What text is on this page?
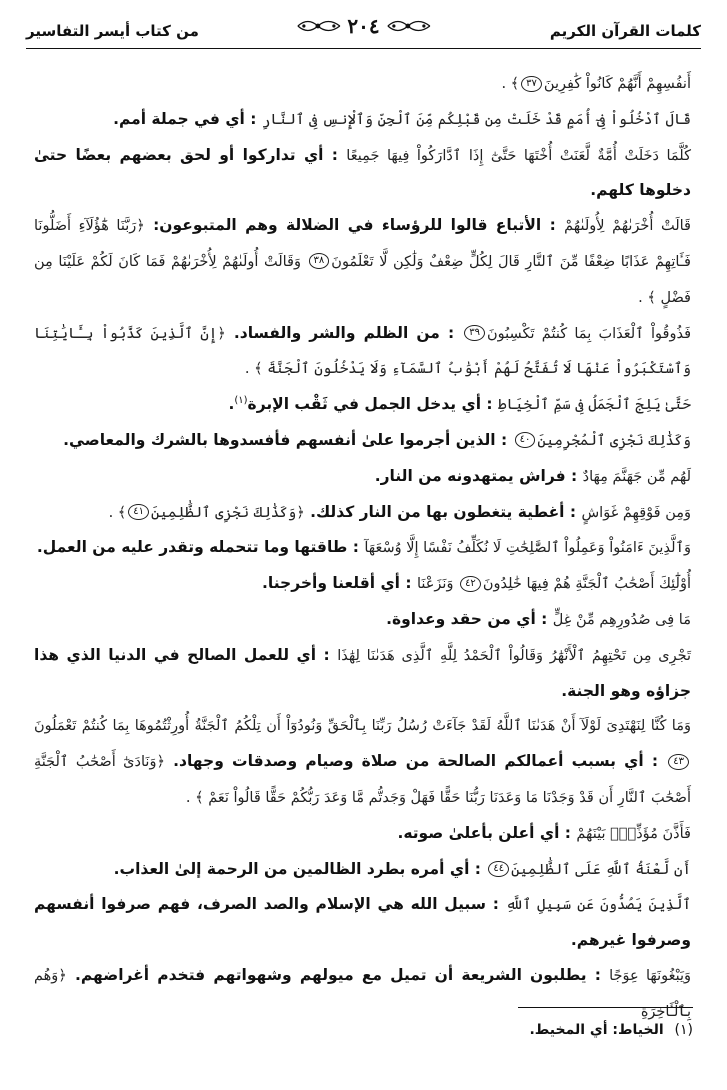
كلمات القرآن الكريم
٢٠٤
من كتاب أيسر التفاسير

أَنفُسِهِمْ أَنَّهُمْ كَانُواْ كَٰفِرِينَ٣٧﴾ .

قَالَ ٱدْخُلُواْ فِىٓ أُمَمٍ قَدْ خَلَتْ مِن قَبْلِكُم مِّنَ ٱلْجِنِّ وَٱلْإِنسِ فِى ٱلنَّارِ : أي في جملة أمم.

كُلَّمَا دَخَلَتْ أُمَّةٌ لَّعَنَتْ أُخْتَهَا حَتَّىٰٓ إِذَا ٱدَّارَكُواْ فِيهَا جَمِيعًا : أي تداركوا أو لحق بعضهم بعضًا حتىٰ دخلوها كلهم.

قَالَتْ أُخْرَىٰهُمْ لِأُولَىٰهُمْ : الأتباع قالوا للرؤساء في الضلالة وهم المتبوعون: ﴿رَبَّنَا هَٰٓؤُلَآءِ أَضَلُّونَا فَـَٔاتِهِمْ عَذَابًا ضِعْفًا مِّنَ ٱلنَّارِ قَالَ لِكُلٍّ ضِعْفٌ وَلَٰكِن لَّا تَعْلَمُونَ٣٨ وَقَالَتْ أُولَىٰهُمْ لِأُخْرَىٰهُمْ فَمَا كَانَ لَكُمْ عَلَيْنَا مِن فَضْلٍ ﴾ .

فَذُوقُواْ ٱلْعَذَابَ بِمَا كُنتُمْ تَكْسِبُونَ٣٩ : من الظلم والشر والفساد. ﴿إِنَّ ٱلَّذِينَ كَذَّبُواْ بِـَٔايَٰتِنَا وَٱسْتَكْبَرُواْ عَنْهَا لَا تُفَتَّحُ لَهُمْ أَبْوَٰبُ ٱلسَّمَآءِ وَلَا يَدْخُلُونَ ٱلْجَنَّةَ ﴾ .

حَتَّىٰ يَلِجَ ٱلْجَمَلُ فِى سَمِّ ٱلْخِيَاطِ : أي يدخل الجمل في ثَقْب الإبرة$^{(١)}$.

وَكَذَٰلِكَ نَجْزِى ٱلْمُجْرِمِينَ٤٠ : الذين أجرموا علىٰ أنفسهم فأفسدوها بالشرك والمعاصي.

لَهُم مِّن جَهَنَّمَ مِهَادٌ : فراش يمتهدونه من النار.

وَمِن فَوْقِهِمْ غَوَاشٍ : أغطية يتغطون بها من النار كذلك. ﴿وَكَذَٰلِكَ نَجْزِى ٱلظَّٰلِمِينَ٤١﴾ .

وَٱلَّذِينَ ءَامَنُواْ وَعَمِلُواْ ٱلصَّٰلِحَٰتِ لَا نُكَلِّفُ نَفْسًا إِلَّا وُسْعَهَآ : طاقتها وما تتحمله وتقدر عليه من العمل.

أُوْلَٰٓئِكَ أَصْحَٰبُ ٱلْجَنَّةِ هُمْ فِيهَا خَٰلِدُونَ٤٢ وَنَزَعْنَا : أي أقلعنا وأخرجنا.

مَا فِى صُدُورِهِم مِّنْ غِلٍّ : أي من حقد وعداوة.

تَجْرِى مِن تَحْتِهِمُ ٱلْأَنْهَٰرُ وَقَالُواْ ٱلْحَمْدُ لِلَّهِ ٱلَّذِى هَدَىٰنَا لِهَٰذَا : أي للعمل الصالح في الدنيا الذي هذا جزاؤه وهو الجنة.

وَمَا كُنَّا لِنَهْتَدِىَ لَوْلَآ أَنْ هَدَىٰنَا ٱللَّهُ لَقَدْ جَآءَتْ رُسُلُ رَبِّنَا بِٱلْحَقِّ وَنُودُوٓاْ أَن تِلْكُمُ ٱلْجَنَّةُ أُورِثْتُمُوهَا بِمَا كُنتُمْ تَعْمَلُونَ٤٣ : أي بسبب أعمالكم الصالحة من صلاة وصيام وصدقات وجهاد. ﴿وَنَادَىٰٓ أَصْحَٰبُ ٱلْجَنَّةِ أَصْحَٰبَ ٱلنَّارِ أَن قَدْ وَجَدْنَا مَا وَعَدَنَا رَبُّنَا حَقًّا فَهَلْ وَجَدتُّم مَّا وَعَدَ رَبُّكُمْ حَقًّا قَالُواْ نَعَمْ ﴾ .

فَأَذَّنَ مُؤَذِّنٌۢ بَيْنَهُمْ : أي أعلن بأعلىٰ صوته.

أَن لَّعْنَةُ ٱللَّهِ عَلَى ٱلظَّٰلِمِينَ٤٤ : أي أمره بطرد الظالمين من الرحمة إلىٰ العذاب.

ٱلَّذِينَ يَصُدُّونَ عَن سَبِيلِ ٱللَّهِ : سبيل الله هي الإسلام والصد الصرف، فهم صرفوا أنفسهم وصرفوا غيرهم.

وَيَبْغُونَهَا عِوَجًا : يطلبون الشريعة أن تميل مع ميولهم وشهواتهم فتخدم أغراضهم. ﴿وَهُم بِٱلْـَٔاخِرَةِ

(١) الخياط: أي المخيط.
